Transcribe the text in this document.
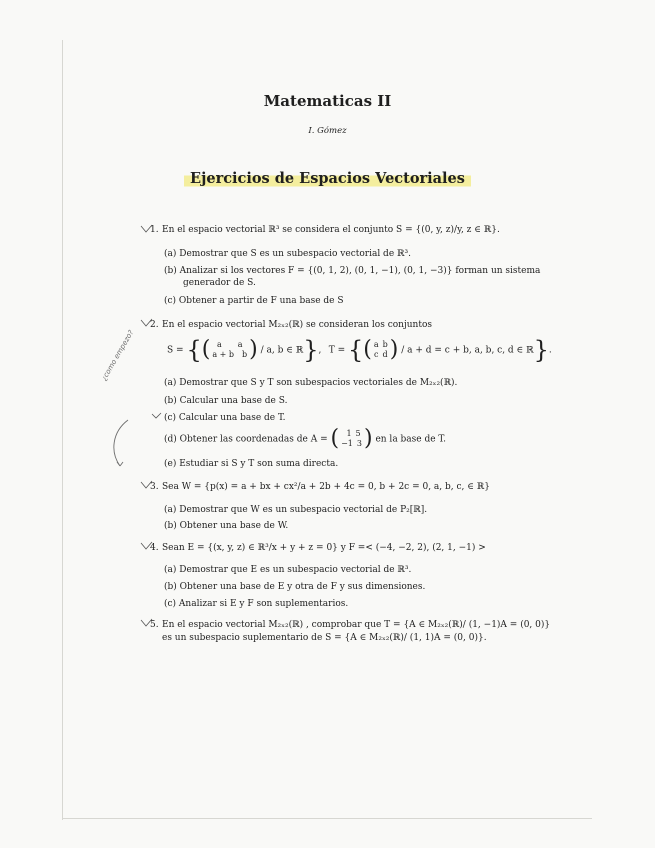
Matematicas II
I. Gómez
Ejercicios de Espacios Vectoriales
¿como empezo?
1. En el espacio vectorial ℝ³ se considera el conjunto S = {(0, y, z)/y, z ∈ ℝ}.
(a) Demostrar que S es un subespacio vectorial de ℝ³.
(b) Analizar si los vectores F = {(0, 1, 2), (0, 1, −1), (0, 1, −3)} forman un sistema
generador de S.
(c) Obtener a partir de F una base de S
2. En el espacio vectorial M₂ₓ₂(ℝ) se consideran los conjuntos
S = {( a   a
a + b  b) / a, b ∈ ℝ},  T = {( a  b
c  d) / a + d = c + b, a, b, c, d ∈ ℝ}.
(a) Demostrar que S y T son subespacios vectoriales de M₂ₓ₂(ℝ).
(b) Calcular una base de S.
(c) Calcular una base de T.
(d) Obtener las coordenadas de A = (  1  5
−1  3) en la base de T.
(e) Estudiar si S y T son suma directa.
3. Sea W = {p(x) = a + bx + cx²/a + 2b + 4c = 0, b + 2c = 0, a, b, c, ∈ ℝ}
(a) Demostrar que W es un subespacio vectorial de P₂[ℝ].
(b) Obtener una base de W.
4. Sean E = {(x, y, z) ∈ ℝ³/x + y + z = 0} y F =< (−4, −2, 2), (2, 1, −1) >
(a) Demostrar que E es un subespacio vectorial de ℝ³.
(b) Obtener una base de E y otra de F y sus dimensiones.
(c) Analizar si E y F son suplementarios.
5. En el espacio vectorial M₂ₓ₂(ℝ) , comprobar que T = {A ∈ M₂ₓ₂(ℝ)/ (1, −1)A = (0, 0)}
es un subespacio suplementario de S = {A ∈ M₂ₓ₂(ℝ)/ (1, 1)A = (0, 0)}.
